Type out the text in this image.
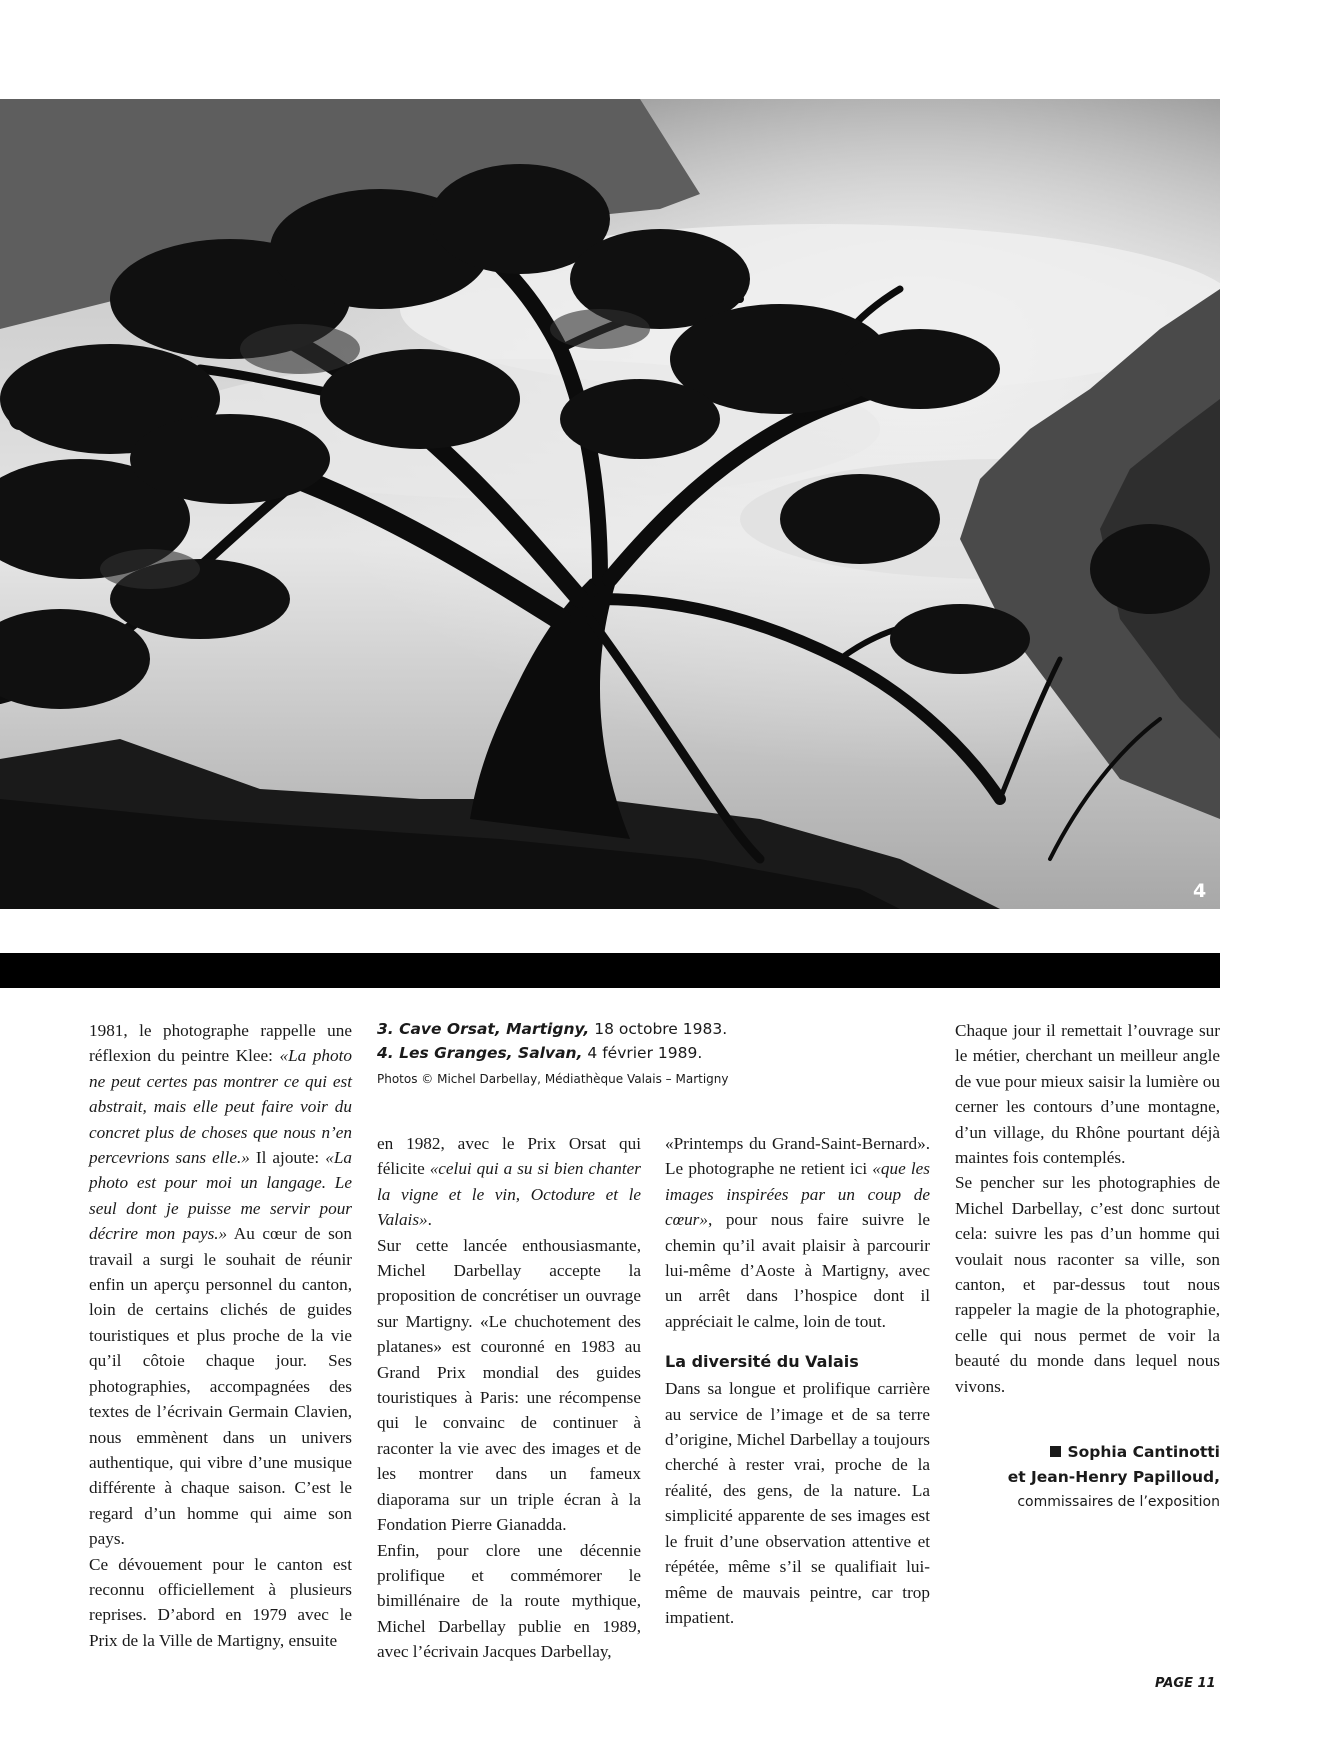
4

1981, le photographe rappelle une réflexion du peintre Klee: «La photo ne peut certes pas montrer ce qui est abstrait, mais elle peut faire voir du concret plus de choses que nous n’en percevrions sans elle.» Il ajoute: «La photo est pour moi un langage. Le seul dont je puisse me servir pour décrire mon pays.» Au cœur de son travail a surgi le souhait de réunir enfin un aperçu personnel du canton, loin de certains clichés de guides touristiques et plus proche de la vie qu’il côtoie chaque jour. Ses photographies, accompagnées des textes de l’écrivain Germain Clavien, nous emmènent dans un univers authentique, qui vibre d’une musique différente à chaque saison. C’est le regard d’un homme qui aime son pays.

Ce dévouement pour le canton est reconnu officiellement à plusieurs reprises. D’abord en 1979 avec le Prix de la Ville de Martigny, ensuite

3. Cave Orsat, Martigny, 18 octobre 1983.
4. Les Granges, Salvan, 4 février 1989.
Photos © Michel Darbellay, Médiathèque Valais – Martigny

en 1982, avec le Prix Orsat qui félicite «celui qui a su si bien chanter la vigne et le vin, Octodure et le Valais».

Sur cette lancée enthousiasmante, Michel Darbellay accepte la proposition de concrétiser un ouvrage sur Martigny. «Le chuchotement des platanes» est couronné en 1983 au Grand Prix mondial des guides touristiques à Paris: une récompense qui le convainc de continuer à raconter la vie avec des images et de les montrer dans un fameux diaporama sur un triple écran à la Fondation Pierre Gianadda.

Enfin, pour clore une décennie prolifique et commémorer le bimillénaire de la route mythique, Michel Darbellay publie en 1989, avec l’écrivain Jacques Darbellay,

«Printemps du Grand-Saint-Bernard». Le photographe ne retient ici «que les images inspirées par un coup de cœur», pour nous faire suivre le chemin qu’il avait plaisir à parcourir lui-même d’Aoste à Martigny, avec un arrêt dans l’hospice dont il appréciait le calme, loin de tout.

La diversité du Valais

Dans sa longue et prolifique carrière au service de l’image et de sa terre d’origine, Michel Darbellay a toujours cherché à rester vrai, proche de la réalité, des gens, de la nature. La simplicité apparente de ses images est le fruit d’une observation attentive et répétée, même s’il se qualifiait lui-même de mauvais peintre, car trop impatient.

Chaque jour il remettait l’ouvrage sur le métier, cherchant un meilleur angle de vue pour mieux saisir la lumière ou cerner les contours d’une montagne, d’un village, du Rhône pourtant déjà maintes fois contemplés.

Se pencher sur les photographies de Michel Darbellay, c’est donc surtout cela: suivre les pas d’un homme qui voulait nous raconter sa ville, son canton, et par-dessus tout nous rappeler la magie de la photographie, celle qui nous permet de voir la beauté du monde dans lequel nous vivons.

Sophia Cantinotti
et Jean-Henry Papilloud,
commissaires de l’exposition
PAGE 11
